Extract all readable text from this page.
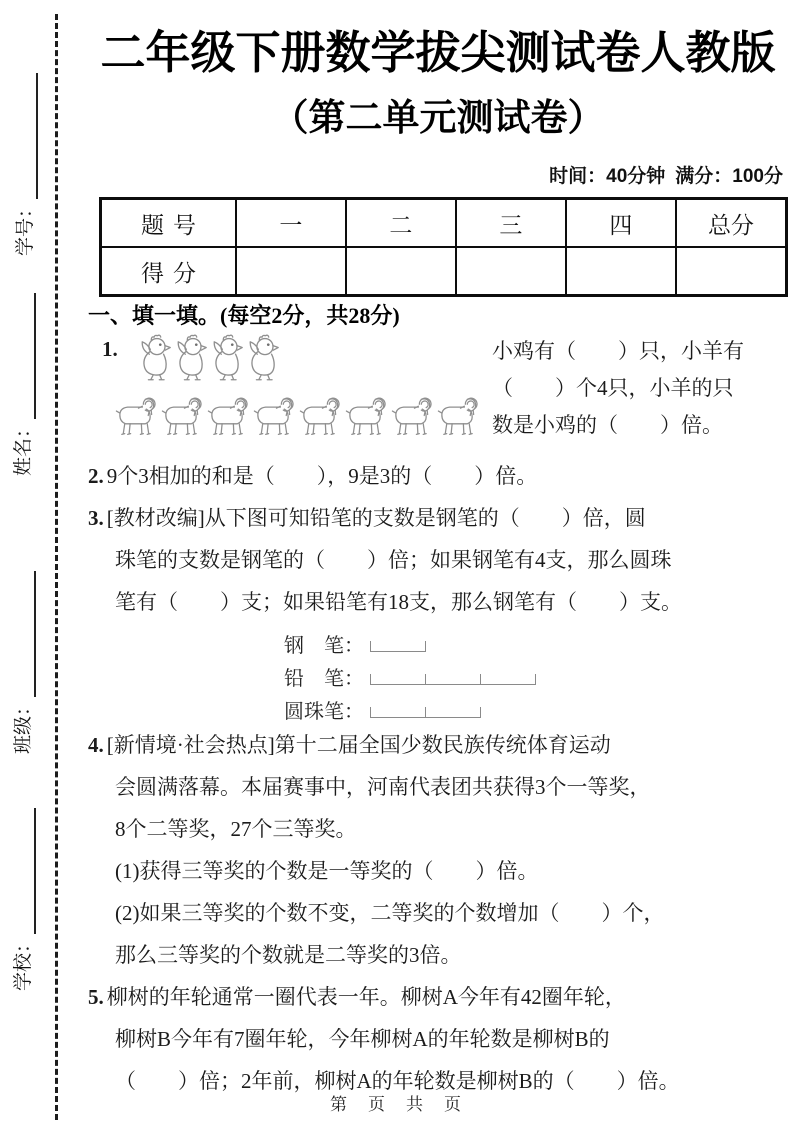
学号：
姓名：
班级：
学校：
二年级下册数学拔尖测试卷人教版
（第二单元测试卷）
时间：40分钟 满分：100分
题号	一	二	三	四	总分
得分					
一、填一填。(每空2分，共28分)
1.	小鸡有（　　）只，小羊有
（　　）个4只，小羊的只
数是小鸡的（　　）倍。
2. 9个3相加的和是（　　），9是3的（　　）倍。
3. [教材改编]从下图可知铅笔的支数是钢笔的（　　）倍，圆
珠笔的支数是钢笔的（　　）倍；如果钢笔有4支，那么圆珠
笔有（　　）支；如果铅笔有18支，那么钢笔有（　　）支。
钢　笔：
铅　笔：
圆珠笔：
4. [新情境·社会热点]第十二届全国少数民族传统体育运动
会圆满落幕。本届赛事中，河南代表团共获得3个一等奖，
8个二等奖，27个三等奖。
(1)获得三等奖的个数是一等奖的（　　）倍。
(2)如果三等奖的个数不变，二等奖的个数增加（　　）个，
那么三等奖的个数就是二等奖的3倍。
5. 柳树的年轮通常一圈代表一年。柳树A今年有42圈年轮，
柳树B今年有7圈年轮，今年柳树A的年轮数是柳树B的
（　　）倍；2年前，柳树A的年轮数是柳树B的（　　）倍。
第　页　共　页
